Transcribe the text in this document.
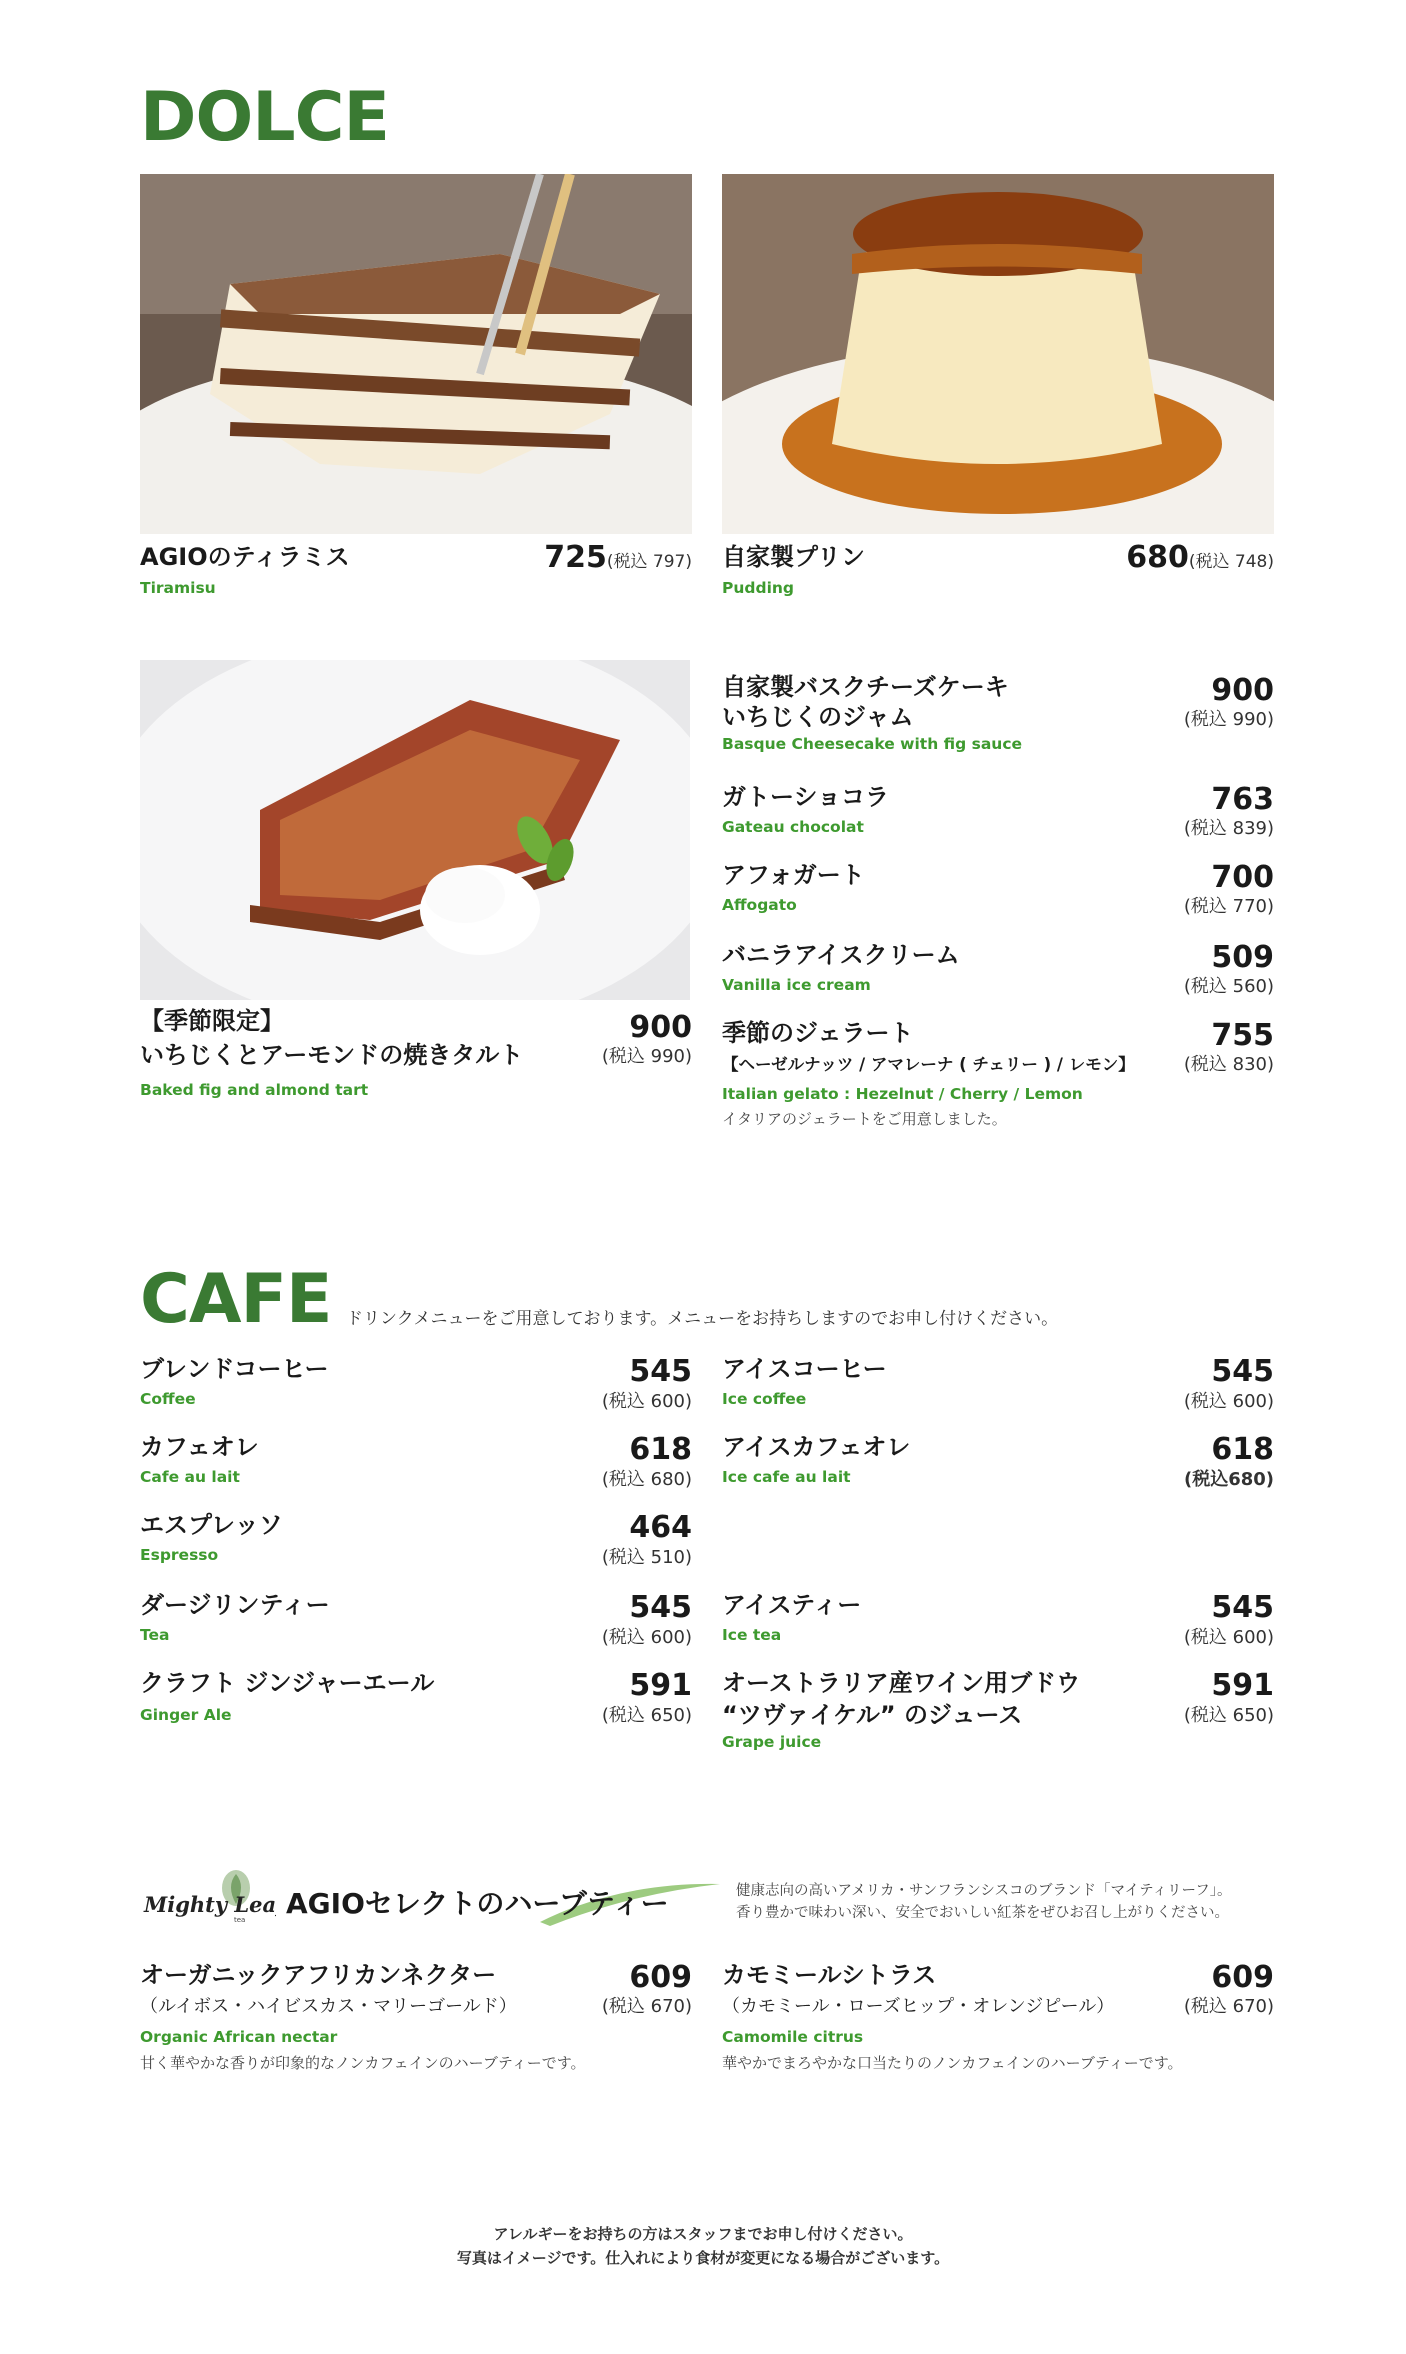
DOLCE
AGIOのティラミス
Tiramisu
725(税込 797) 自家製プリン
Pudding
680(税込 748)
【季節限定】
いちじくとアーモンドの焼きタルト
Baked fig and almond tart
900
(税込 990)
自家製バスクチーズケーキ
いちじくのジャム
Basque Cheesecake with fig sauce
900
(税込 990)
ガトーショコラ
Gateau chocolat
763
(税込 839)
アフォガート
Affogato
700
(税込 770)
バニラアイスクリーム
Vanilla ice cream
509
(税込 560)
季節のジェラート
【ヘーゼルナッツ / アマレーナ ( チェリー ) / レモン】
Italian gelato : Hezelnut / Cherry / Lemon
イタリアのジェラートをご用意しました。
755
(税込 830)
CAFE ドリンクメニューをご用意しております。メニューをお持ちしますのでお申し付けください。
ブレンドコーヒー
Coffee
545
(税込 600)
カフェオレ
Cafe au lait
618
(税込 680)
エスプレッソ
Espresso
464
(税込 510)
ダージリンティー
Tea
545
(税込 600)
クラフト ジンジャーエール
Ginger Ale
591
(税込 650)
アイスコーヒー
Ice coffee
545
(税込 600)
アイスカフェオレ
Ice cafe au lait
618
(税込680)
アイスティー
Ice tea
545
(税込 600)
オーストラリア産ワイン用ブドウ
“ツヴァイケル” のジュース
Grape juice
591
(税込 650)
Mighty Leaf
tea AGIOセレクトのハーブティー	健康志向の高いアメリカ・サンフランシスコのブランド「マイティリーフ」。
香り豊かで味わい深い、安全でおいしい紅茶をぜひお召し上がりください。
オーガニックアフリカンネクター
（ルイボス・ハイビスカス・マリーゴールド）
Organic African nectar
甘く華やかな香りが印象的なノンカフェインのハーブティーです。
609
(税込 670)
カモミールシトラス
（カモミール・ローズヒップ・オレンジピール）
Camomile citrus
華やかでまろやかな口当たりのノンカフェインのハーブティーです。
609
(税込 670)
アレルギーをお持ちの方はスタッフまでお申し付けください。
写真はイメージです。仕入れにより食材が変更になる場合がございます。
